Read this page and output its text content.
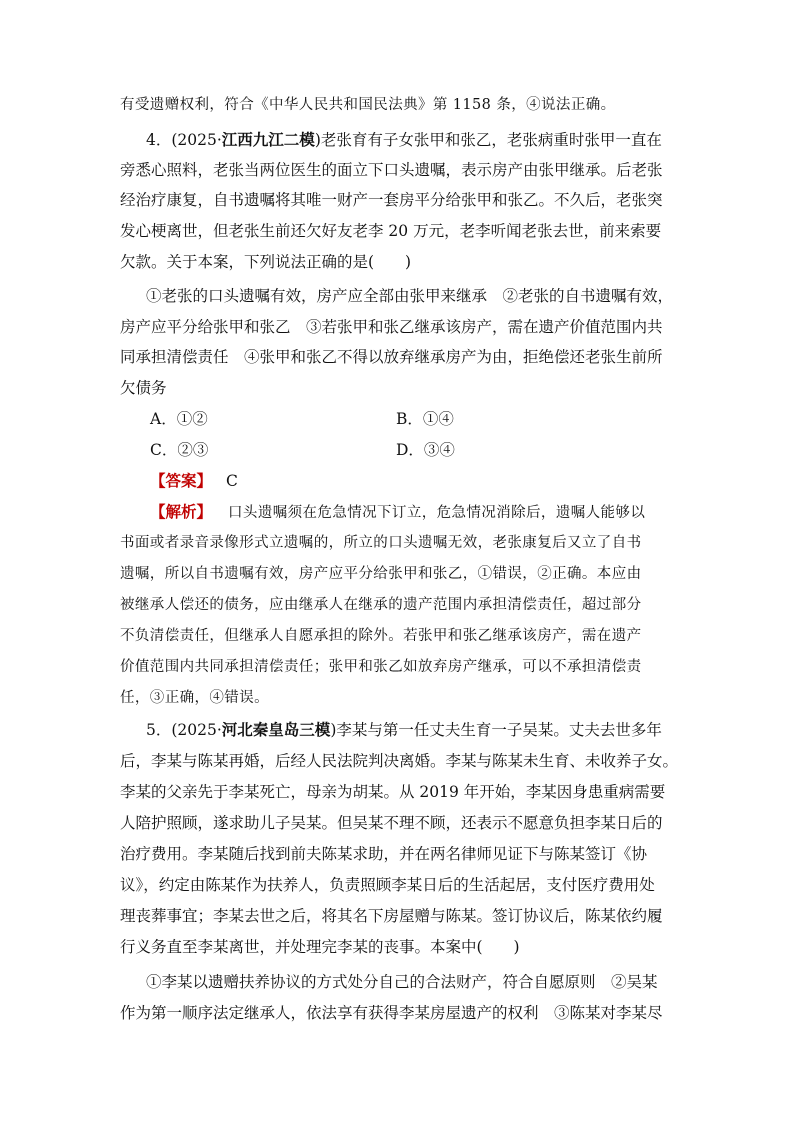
有受遗赠权利，符合《中华人民共和国民法典》第 1158 条，④说法正确。
4．(2025·江西九江二模)老张育有子女张甲和张乙，老张病重时张甲一直在
旁悉心照料，老张当两位医生的面立下口头遗嘱，表示房产由张甲继承。后老张
经治疗康复，自书遗嘱将其唯一财产一套房平分给张甲和张乙。不久后，老张突
发心梗离世，但老张生前还欠好友老李 20 万元，老李听闻老张去世，前来索要
欠款。关于本案，下列说法正确的是(　　)
①老张的口头遗嘱有效，房产应全部由张甲来继承　②老张的自书遗嘱有效，
房产应平分给张甲和张乙　③若张甲和张乙继承该房产，需在遗产价值范围内共
同承担清偿责任　④张甲和张乙不得以放弃继承房产为由，拒绝偿还老张生前所
欠债务
A．①②	B．①④
C．②③	D．③④
【答案】 C
【解析】 口头遗嘱须在危急情况下订立，危急情况消除后，遗嘱人能够以
书面或者录音录像形式立遗嘱的，所立的口头遗嘱无效，老张康复后又立了自书
遗嘱，所以自书遗嘱有效，房产应平分给张甲和张乙，①错误，②正确。本应由
被继承人偿还的债务，应由继承人在继承的遗产范围内承担清偿责任，超过部分
不负清偿责任，但继承人自愿承担的除外。若张甲和张乙继承该房产，需在遗产
价值范围内共同承担清偿责任；张甲和张乙如放弃房产继承，可以不承担清偿责
任，③正确，④错误。
5．(2025·河北秦皇岛三模)李某与第一任丈夫生育一子吴某。丈夫去世多年
后，李某与陈某再婚，后经人民法院判决离婚。李某与陈某未生育、未收养子女。
李某的父亲先于李某死亡，母亲为胡某。从 2019 年开始，李某因身患重病需要
人陪护照顾，遂求助儿子吴某。但吴某不理不顾，还表示不愿意负担李某日后的
治疗费用。李某随后找到前夫陈某求助，并在两名律师见证下与陈某签订《协
议》，约定由陈某作为扶养人，负责照顾李某日后的生活起居，支付医疗费用处
理丧葬事宜；李某去世之后，将其名下房屋赠与陈某。签订协议后，陈某依约履
行义务直至李某离世，并处理完李某的丧事。本案中(　　)
①李某以遗赠扶养协议的方式处分自己的合法财产，符合自愿原则　②吴某
作为第一顺序法定继承人，依法享有获得李某房屋遗产的权利　③陈某对李某尽
